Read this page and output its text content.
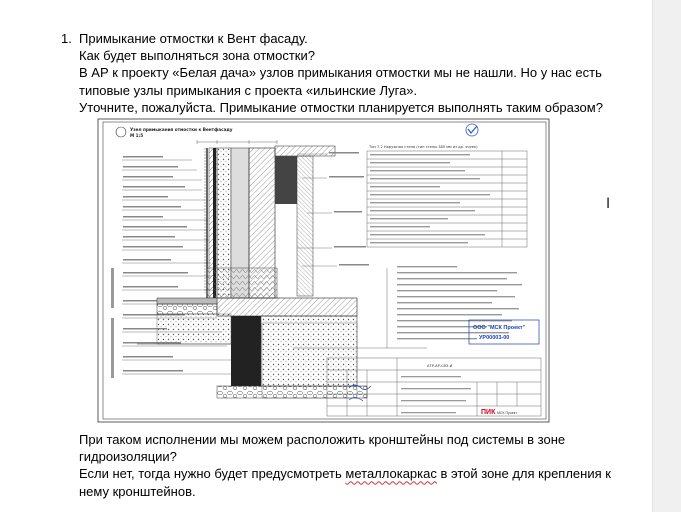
1. Примыкание отмостки к Вент фасаду.
Как будет выполняться зона отмостки?
В АР к проекту «Белая дача» узлов примыкания отмостки мы не нашли. Но у нас есть
типовые узлы примыкания с проекта «ильинские Луга».
Уточните, пожалуйста. Примыкание отмостки планируется выполнять таким образом?
Узел примыкания отмостки к Вентфасаду
М 1:5
Тип 7.2 Наружная стена (тип стены 380 мм из др. ячеек)
ООО "МСК Проект"
УР00003-00
АТР-АР-СВЗ-И
ПИК МСК Проект
При таком исполнении мы можем расположить кронштейны под системы в зоне
гидроизоляции?
Если нет, тогда нужно будет предусмотреть металлокаркас в этой зоне для крепления к
нему кронштейнов.
I
